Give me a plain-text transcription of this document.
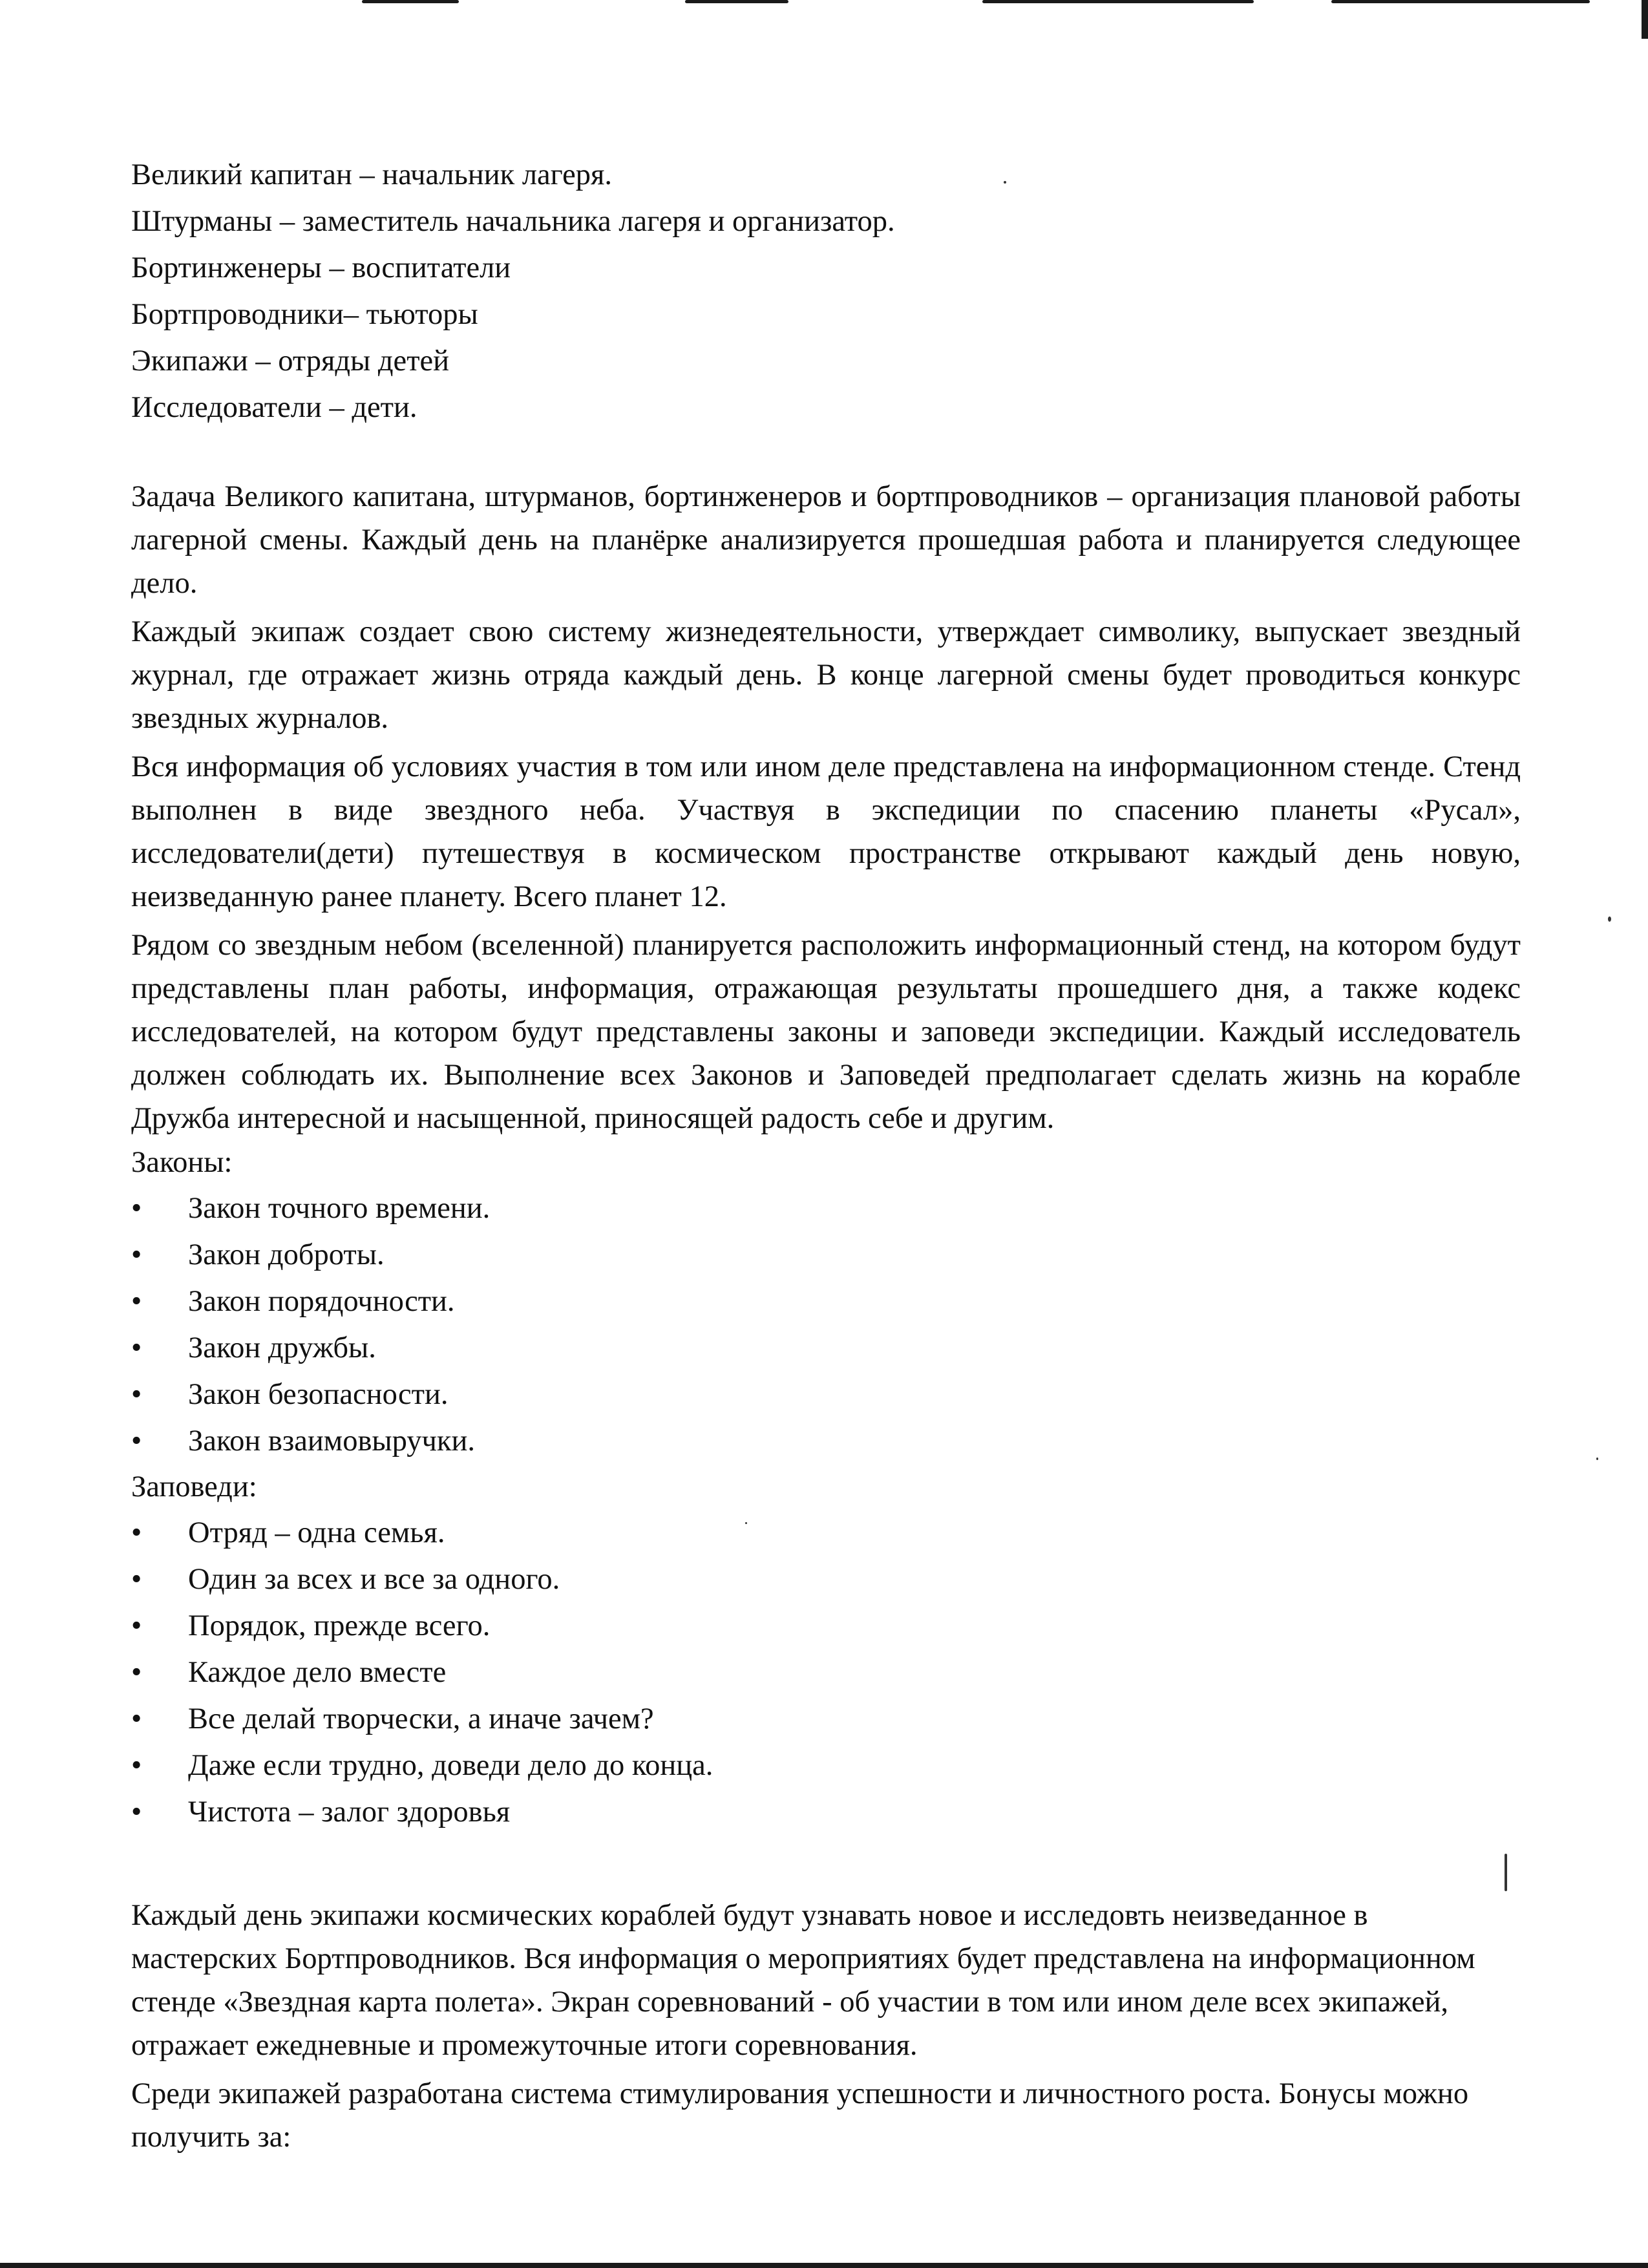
Великий капитан – начальник лагеря.

Штурманы – заместитель начальника лагеря и организатор.

Бортинженеры – воспитатели

Бортпроводники– тьюторы

Экипажи – отряды детей

Исследователи – дети.

Задача Великого капитана, штурманов, бортинженеров и бортпроводников – организация плановой работы лагерной смены. Каждый день на планёрке анализируется прошедшая работа и планируется следующее дело.

Каждый экипаж создает свою систему жизнедеятельности, утверждает символику, выпускает звездный журнал, где отражает жизнь отряда каждый день. В конце лагерной смены будет проводиться конкурс звездных журналов.

Вся информация об условиях участия в том или ином деле представлена на информационном стенде. Стенд выполнен в виде звездного неба. Участвуя в экспедиции по спасению планеты «Русал», исследователи(дети) путешествуя в космическом пространстве открывают каждый день новую, неизведанную ранее планету. Всего планет 12.

Рядом со звездным небом (вселенной) планируется расположить информационный стенд, на котором будут представлены план работы, информация, отражающая результаты прошедшего дня, а также кодекс исследователей, на котором будут представлены законы и заповеди экспедиции. Каждый исследователь должен соблюдать их. Выполнение всех Законов и Заповедей предполагает сделать жизнь на корабле Дружба интересной и насыщенной, приносящей радость себе и другим.

Законы:

•	Закон точного времени.
•	Закон доброты.
•	Закон порядочности.
•	Закон дружбы.
•	Закон безопасности.
•	Закон взаимовыручки.

Заповеди:

•	Отряд – одна семья.
•	Один за всех и все за одного.
•	Порядок, прежде всего.
•	Каждое дело вместе
•	Все делай творчески, а иначе зачем?
•	Даже если трудно, доведи дело до конца.
•	Чистота – залог здоровья

Каждый день экипажи космических кораблей будут узнавать новое и исследовть неизведанное в мастерских Бортпроводников. Вся информация о мероприятиях будет представлена на информационном стенде «Звездная карта полета». Экран соревнований - об участии в том или ином деле всех экипажей, отражает ежедневные и промежуточные итоги соревнования.

Среди экипажей разработана система стимулирования успешности и личностного роста. Бонусы можно получить за:
